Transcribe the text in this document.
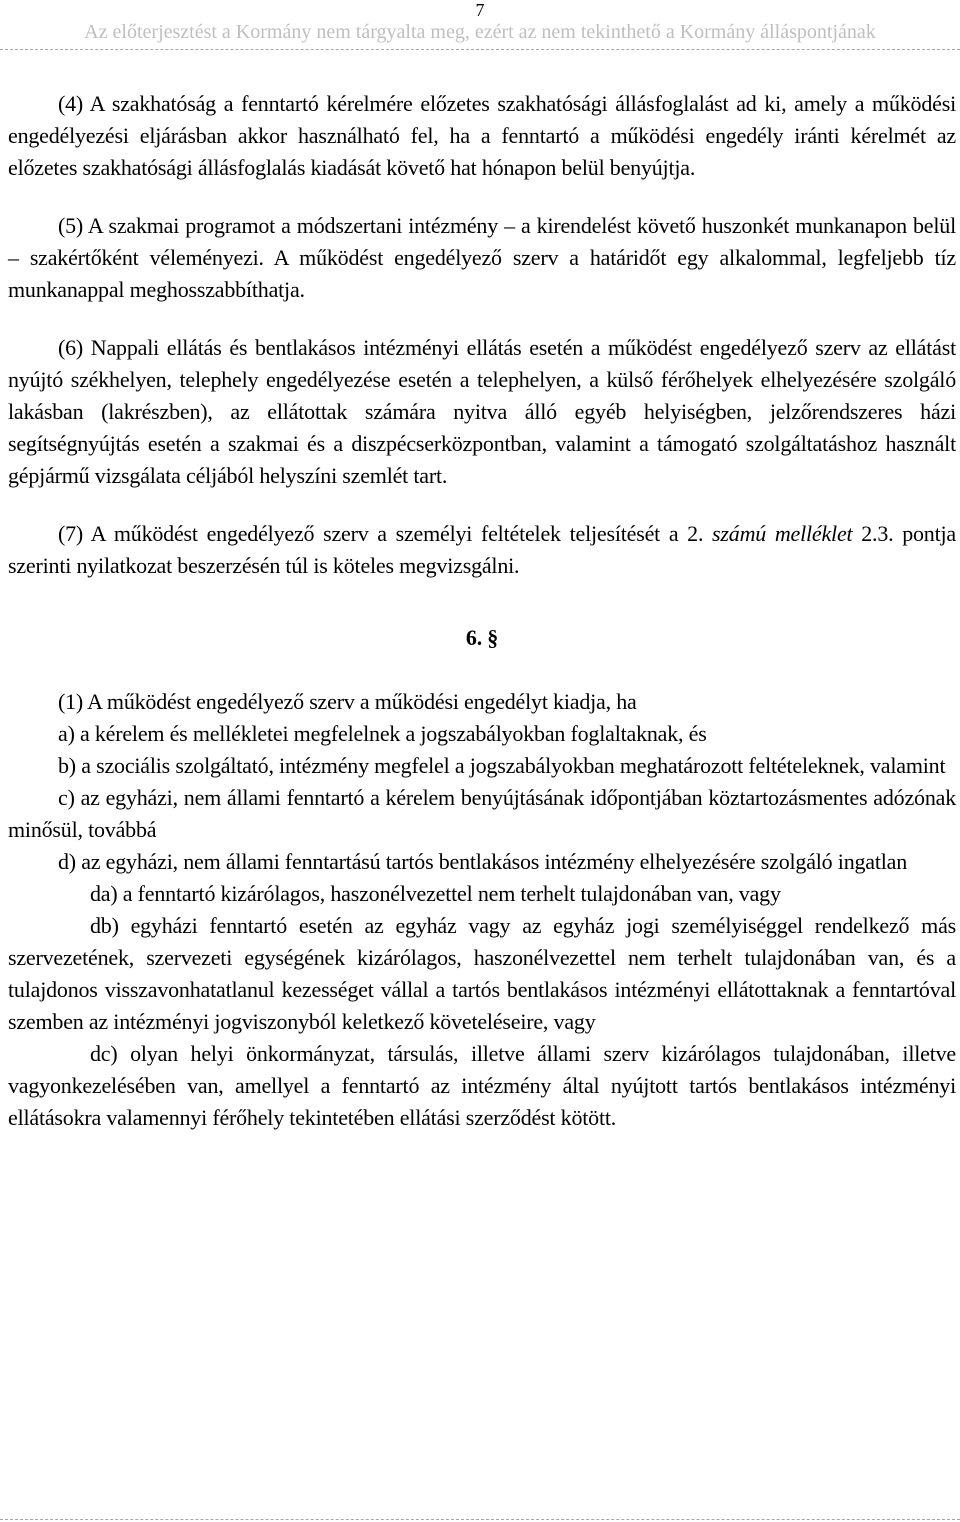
7
Az előterjesztést a Kormány nem tárgyalta meg, ezért az nem tekinthető a Kormány álláspontjának

(4) A szakhatóság a fenntartó kérelmére előzetes szakhatósági állásfoglalást ad ki, amely a működési engedélyezési eljárásban akkor használható fel, ha a fenntartó a működési engedély iránti kérelmét az előzetes szakhatósági állásfoglalás kiadását követő hat hónapon belül benyújtja.

(5) A szakmai programot a módszertani intézmény – a kirendelést követő huszonkét munkanapon belül – szakértőként véleményezi. A működést engedélyező szerv a határidőt egy alkalommal, legfeljebb tíz munkanappal meghosszabbíthatja.

(6) Nappali ellátás és bentlakásos intézményi ellátás esetén a működést engedélyező szerv az ellátást nyújtó székhelyen, telephely engedélyezése esetén a telephelyen, a külső férőhelyek elhelyezésére szolgáló lakásban (lakrészben), az ellátottak számára nyitva álló egyéb helyiségben, jelzőrendszeres házi segítségnyújtás esetén a szakmai és a diszpécserközpontban, valamint a támogató szolgáltatáshoz használt gépjármű vizsgálata céljából helyszíni szemlét tart.

(7) A működést engedélyező szerv a személyi feltételek teljesítését a 2. számú melléklet 2.3. pontja szerinti nyilatkozat beszerzésén túl is köteles megvizsgálni.

6. §

(1) A működést engedélyező szerv a működési engedélyt kiadja, ha

a) a kérelem és mellékletei megfelelnek a jogszabályokban foglaltaknak, és

b) a szociális szolgáltató, intézmény megfelel a jogszabályokban meghatározott feltételeknek, valamint

c) az egyházi, nem állami fenntartó a kérelem benyújtásának időpontjában köztartozásmentes adózónak minősül, továbbá

d) az egyházi, nem állami fenntartású tartós bentlakásos intézmény elhelyezésére szolgáló ingatlan

da) a fenntartó kizárólagos, haszonélvezettel nem terhelt tulajdonában van, vagy

db) egyházi fenntartó esetén az egyház vagy az egyház jogi személyiséggel rendelkező más szervezetének, szervezeti egységének kizárólagos, haszonélvezettel nem terhelt tulajdonában van, és a tulajdonos visszavonhatatlanul kezességet vállal a tartós bentlakásos intézményi ellátottaknak a fenntartóval szemben az intézményi jogviszonyból keletkező követeléseire, vagy

dc) olyan helyi önkormányzat, társulás, illetve állami szerv kizárólagos tulajdonában, illetve vagyonkezelésében van, amellyel a fenntartó az intézmény által nyújtott tartós bentlakásos intézményi ellátásokra valamennyi férőhely tekintetében ellátási szerződést kötött.
